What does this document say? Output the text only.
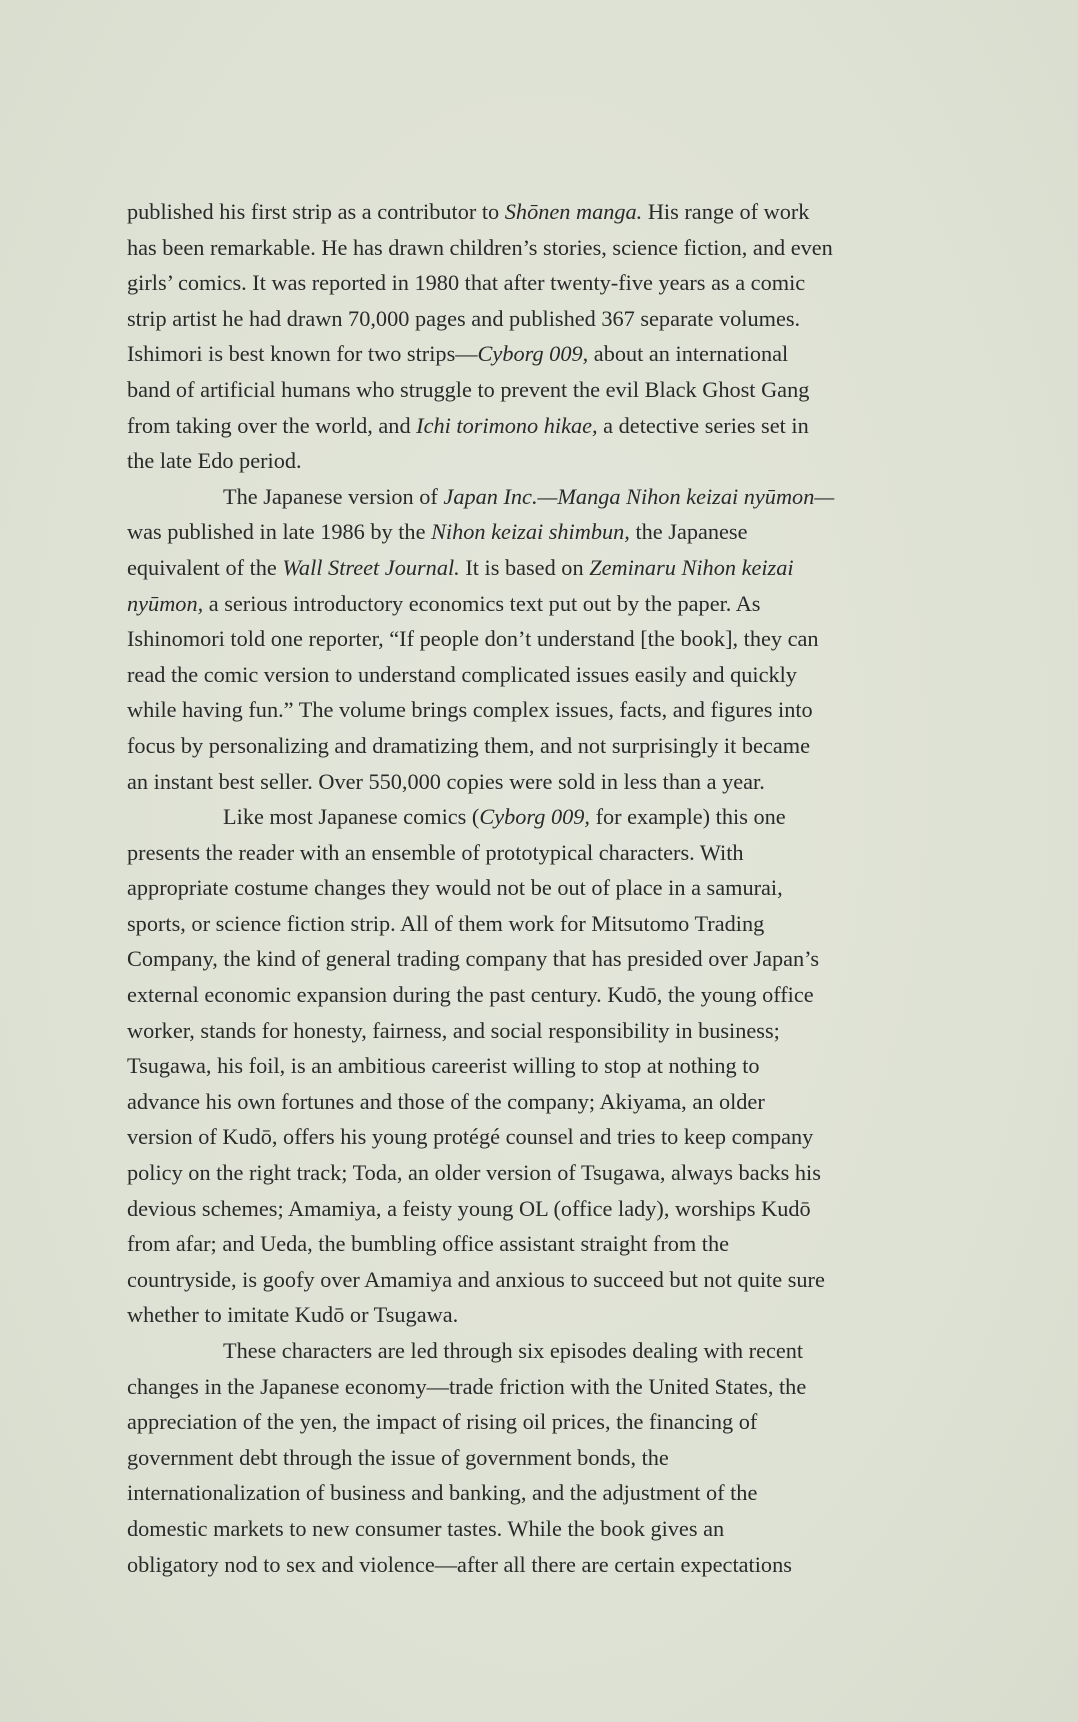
published his first strip as a contributor to Shōnen manga. His range of work
has been remarkable. He has drawn children’s stories, science fiction, and even
girls’ comics. It was reported in 1980 that after twenty-five years as a comic
strip artist he had drawn 70,000 pages and published 367 separate volumes.
Ishimori is best known for two strips—Cyborg 009, about an international
band of artificial humans who struggle to prevent the evil Black Ghost Gang
from taking over the world, and Ichi torimono hikae, a detective series set in
the late Edo period.
The Japanese version of Japan Inc.—Manga Nihon keizai nyūmon—
was published in late 1986 by the Nihon keizai shimbun, the Japanese
equivalent of the Wall Street Journal. It is based on Zeminaru Nihon keizai
nyūmon, a serious introductory economics text put out by the paper. As
Ishinomori told one reporter, “If people don’t understand [the book], they can
read the comic version to understand complicated issues easily and quickly
while having fun.” The volume brings complex issues, facts, and figures into
focus by personalizing and dramatizing them, and not surprisingly it became
an instant best seller. Over 550,000 copies were sold in less than a year.
Like most Japanese comics (Cyborg 009, for example) this one
presents the reader with an ensemble of prototypical characters. With
appropriate costume changes they would not be out of place in a samurai,
sports, or science fiction strip. All of them work for Mitsutomo Trading
Company, the kind of general trading company that has presided over Japan’s
external economic expansion during the past century. Kudō, the young office
worker, stands for honesty, fairness, and social responsibility in business;
Tsugawa, his foil, is an ambitious careerist willing to stop at nothing to
advance his own fortunes and those of the company; Akiyama, an older
version of Kudō, offers his young protégé counsel and tries to keep company
policy on the right track; Toda, an older version of Tsugawa, always backs his
devious schemes; Amamiya, a feisty young OL (office lady), worships Kudō
from afar; and Ueda, the bumbling office assistant straight from the
countryside, is goofy over Amamiya and anxious to succeed but not quite sure
whether to imitate Kudō or Tsugawa.
These characters are led through six episodes dealing with recent
changes in the Japanese economy—trade friction with the United States, the
appreciation of the yen, the impact of rising oil prices, the financing of
government debt through the issue of government bonds, the
internationalization of business and banking, and the adjustment of the
domestic markets to new consumer tastes. While the book gives an
obligatory nod to sex and violence—after all there are certain expectations
